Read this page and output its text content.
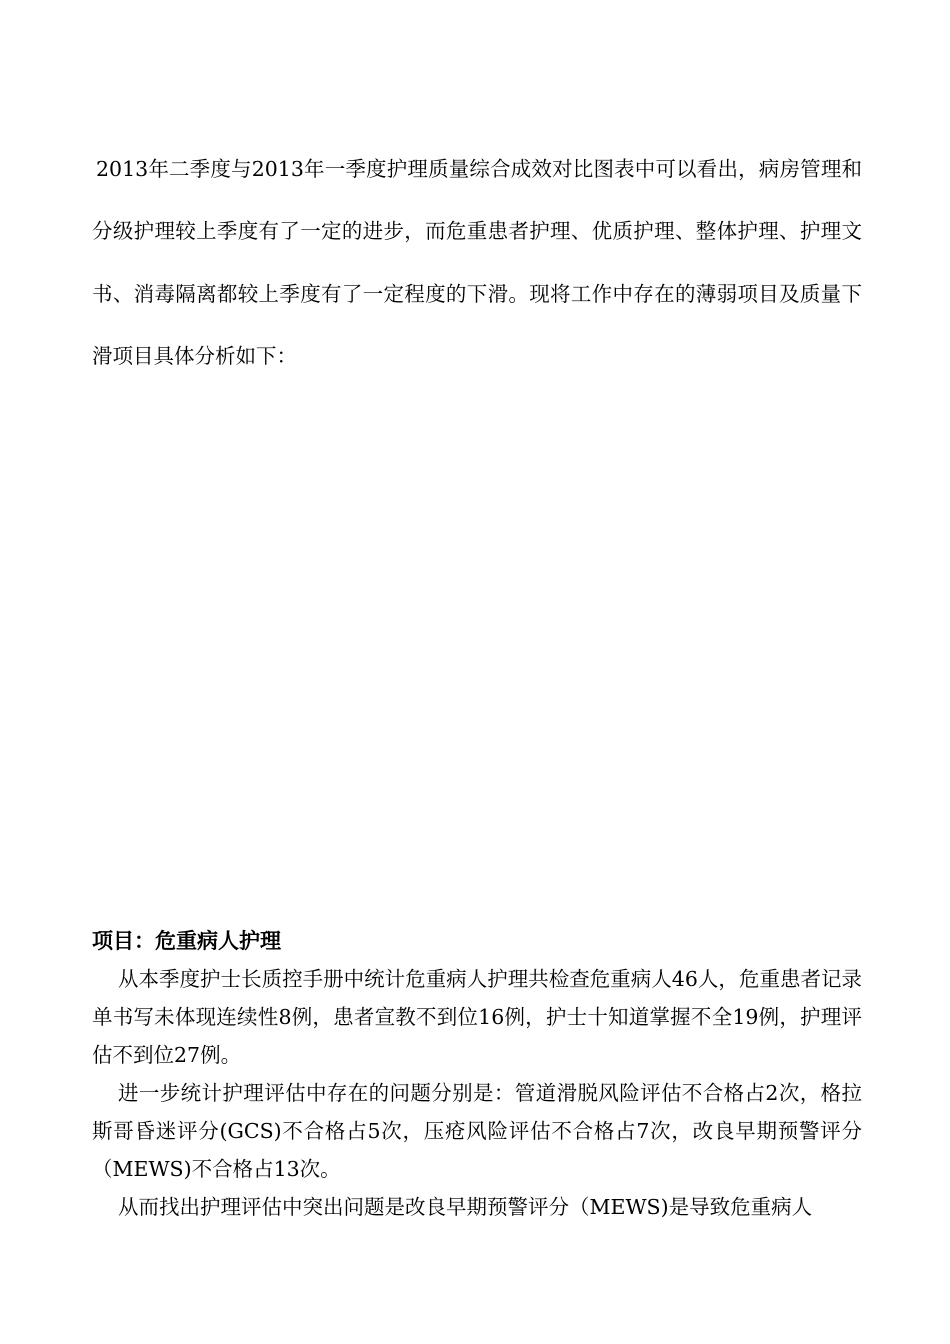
2013年二季度与2013年一季度护理质量综合成效对比图表中可以看出，病房管理和分级护理较上季度有了一定的进步，而危重患者护理、优质护理、整体护理、护理文书、消毒隔离都较上季度有了一定程度的下滑。现将工作中存在的薄弱项目及质量下滑项目具体分析如下：

项目：危重病人护理

从本季度护士长质控手册中统计危重病人护理共检查危重病人46人，危重患者记录单书写未体现连续性8例，患者宣教不到位16例，护士十知道掌握不全19例，护理评估不到位27例。

进一步统计护理评估中存在的问题分别是：管道滑脱风险评估不合格占2次，格拉斯哥昏迷评分(GCS)不合格占5次，压疮风险评估不合格占7次，改良早期预警评分（MEWS)不合格占13次。

从而找出护理评估中突出问题是改良早期预警评分（MEWS)是导致危重病人
